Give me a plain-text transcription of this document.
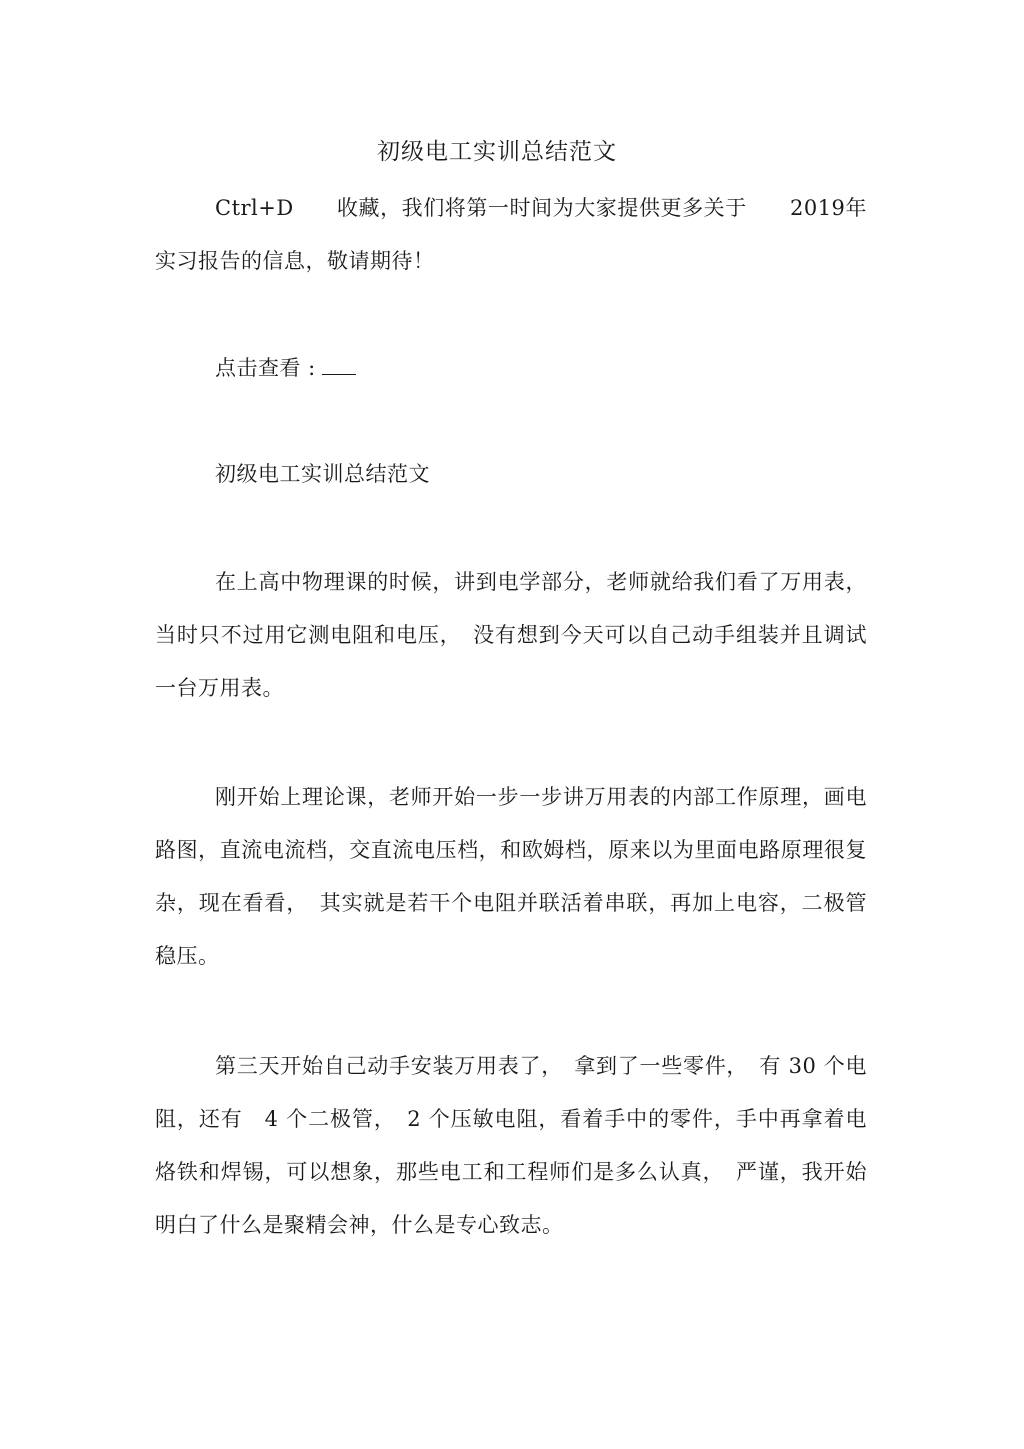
初级电工实训总结范文

Ctrl+D　　收藏，我们将第一时间为大家提供更多关于　　2019年实习报告的信息，敬请期待！

点击查看 :

初级电工实训总结范文

在上高中物理课的时候，讲到电学部分，老师就给我们看了万用表，当时只不过用它测电阻和电压，　没有想到今天可以自己动手组装并且调试一台万用表。

刚开始上理论课，老师开始一步一步讲万用表的内部工作原理，画电路图，直流电流档，交直流电压档，和欧姆档，原来以为里面电路原理很复杂，现在看看，　其实就是若干个电阻并联活着串联，再加上电容，二极管稳压。

第三天开始自己动手安装万用表了，　拿到了一些零件，　有 30 个电阻，还有　4 个二极管，　2 个压敏电阻，看着手中的零件，手中再拿着电烙铁和焊锡，可以想象，那些电工和工程师们是多么认真，　严谨，我开始明白了什么是聚精会神，什么是专心致志。
